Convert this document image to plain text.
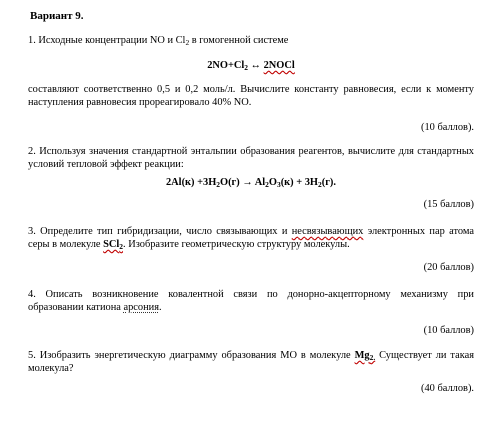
Вариант 9.

1. Исходные концентрации NO и $Cl_2$ в гомогенной системе

$2NO+Cl_2$ ↔ 2NOCl

составляют соответственно 0,5 и 0,2 моль/л. Вычислите константу равновесия, если к моменту наступления равновесия прореагировало 40% NO.

(10 баллов).

2. Используя значения стандартной энтальпии образования реагентов, вычислите для стандартных условий тепловой эффект реакции:

$2Al(к) +3H_2O(г) \to Al_2O_3(к) + 3H_2(г)$.

(15 баллов)

3. Определите тип гибридизации, число связывающих и несвязывающих электронных пар атома серы в молекуле SCl$_2$. Изобразите геометрическую структуру молекулы.

(20 баллов)

4. Описать возникновение ковалентной связи по донорно-акцепторному механизму при образовании катиона арсония.

(10 баллов)

5. Изобразить энергетическую диаграмму образования МО в молекуле $Mg_{2.}$ Существует ли такая молекула?

(40 баллов).
